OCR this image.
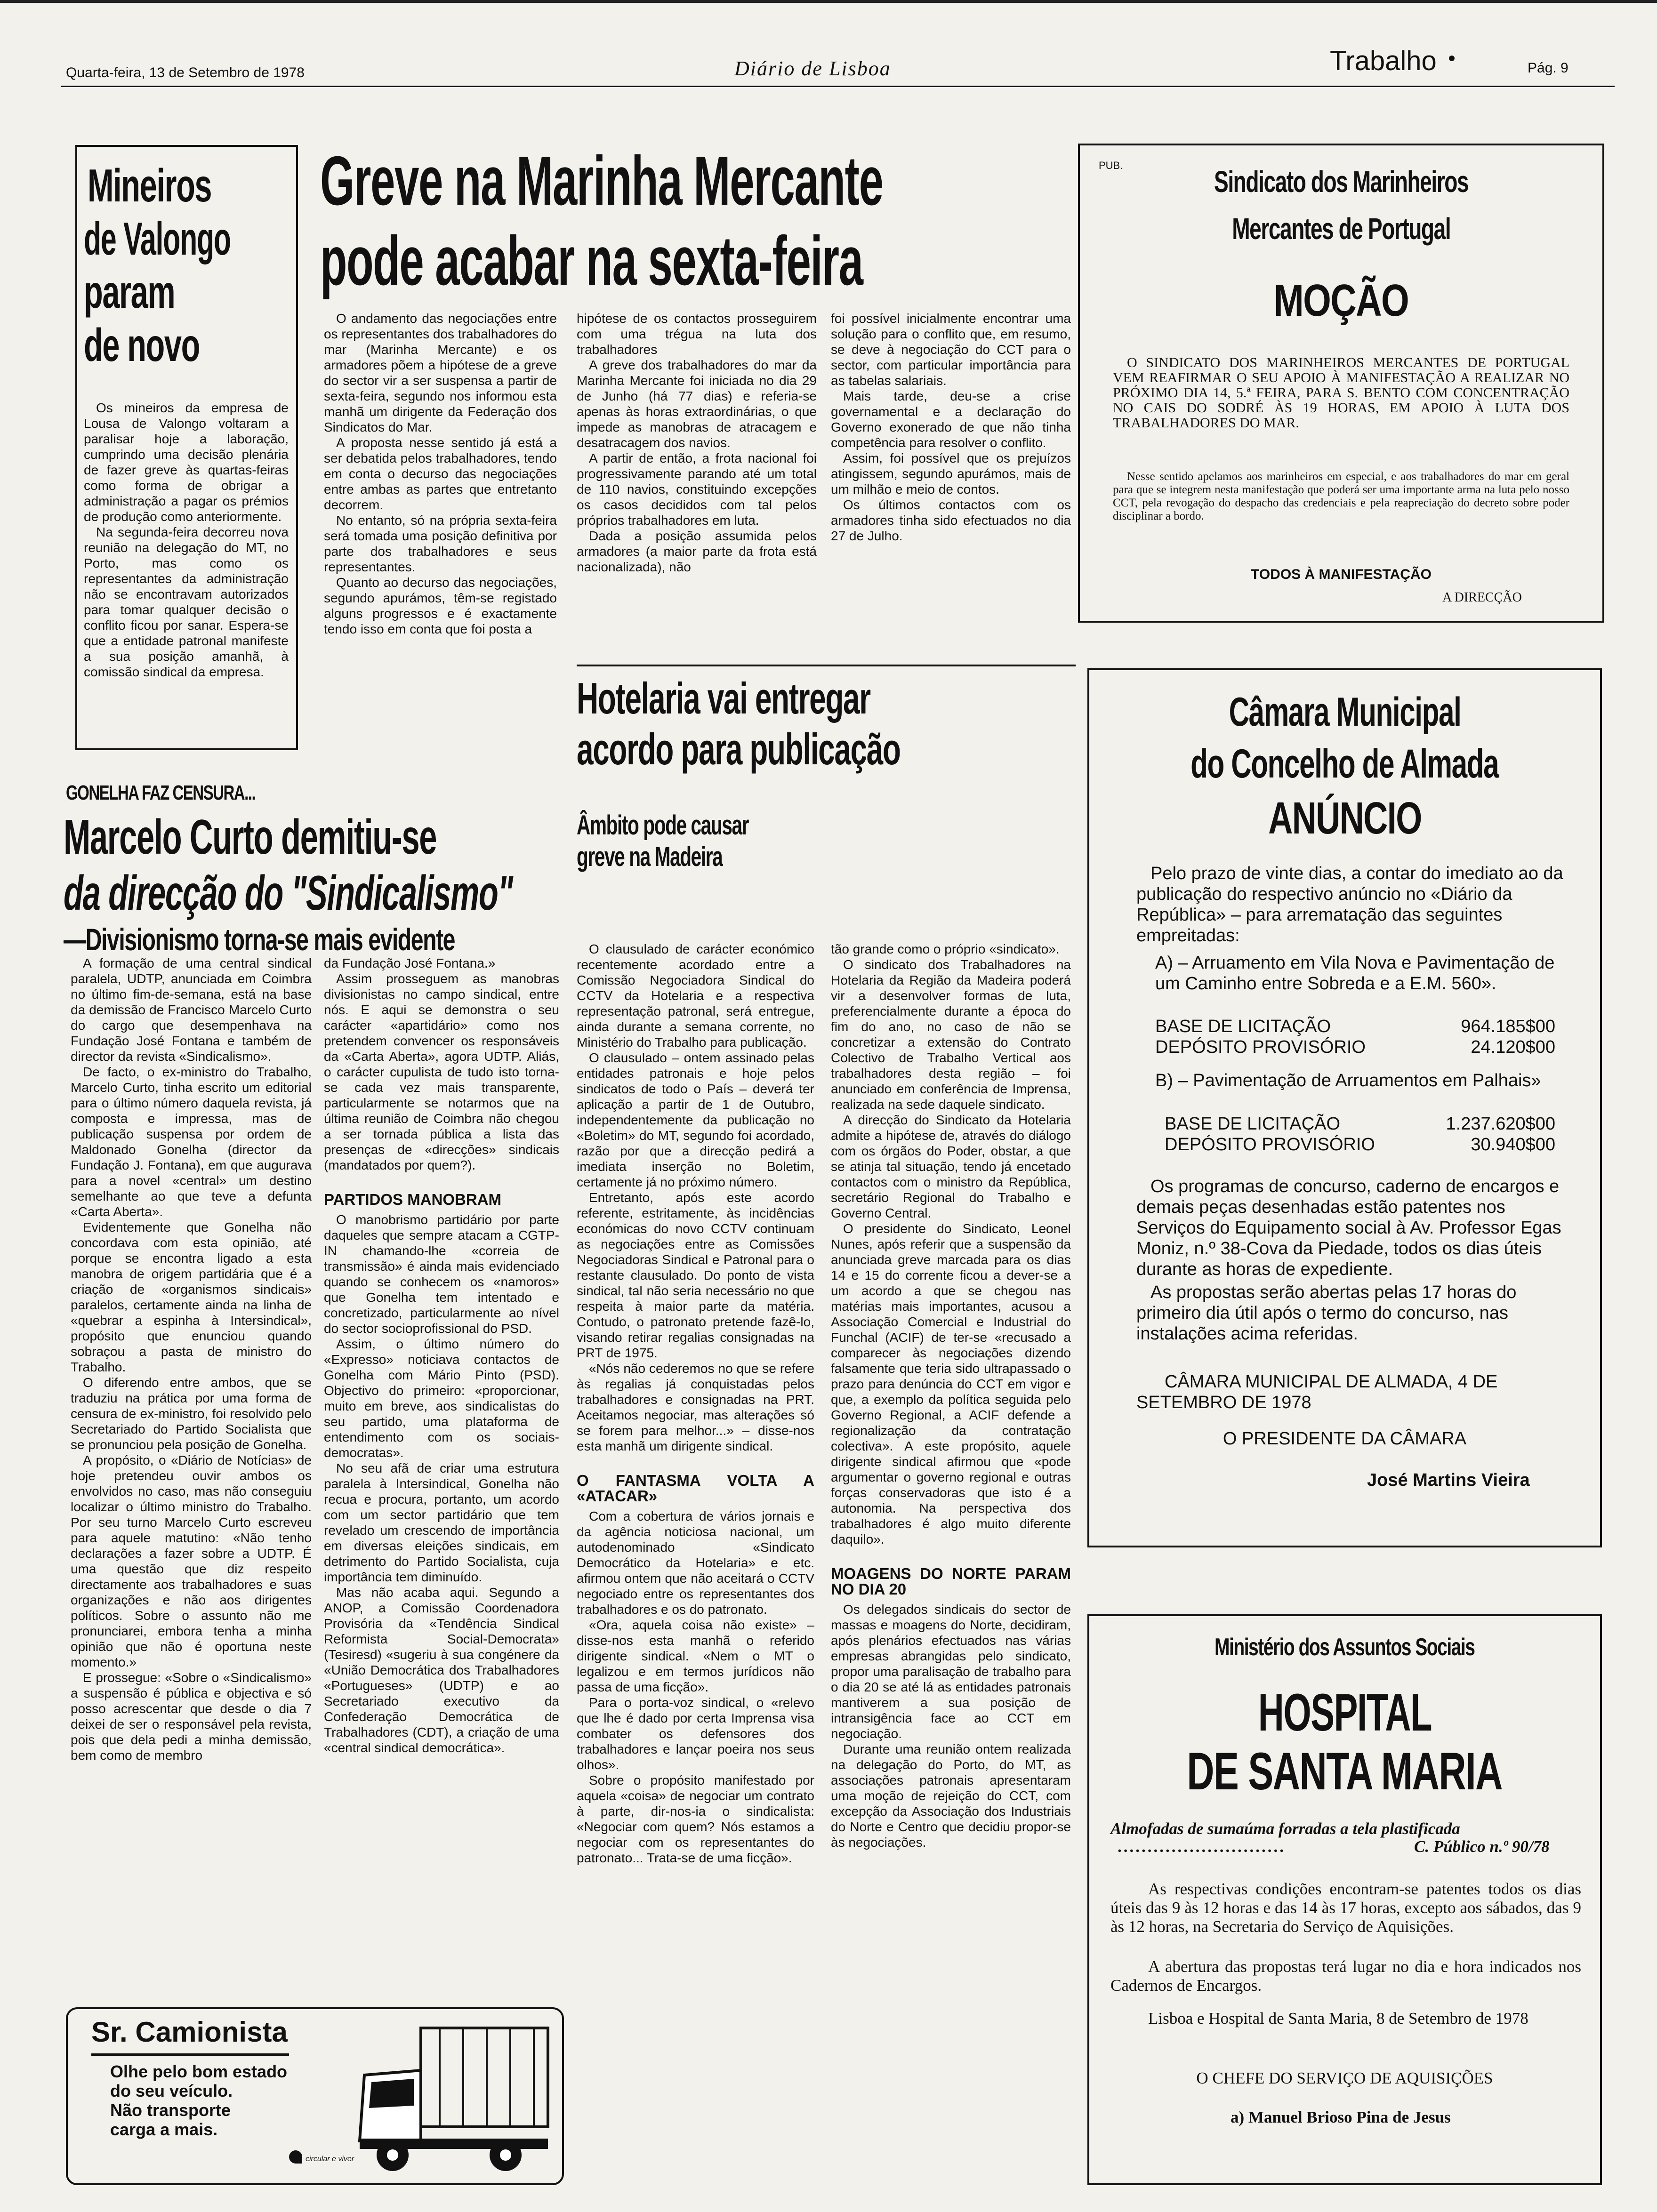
Quarta-feira, 13 de Setembro de 1978	Diário de Lisboa	Trabalho	Pág. 9
Mineiros
de Valongo
param
de novo

Os mineiros da empresa de Lousa de Valongo voltaram a paralisar hoje a laboração, cumprindo uma decisão plenária de fazer greve às quartas-feiras como forma de obrigar a administração a pagar os prémios de produção como anteriormente.

Na segunda-feira decorreu nova reunião na delegação do MT, no Porto, mas como os representantes da administração não se encontravam autorizados para tomar qualquer decisão o conflito ficou por sanar. Espera-se que a entidade patronal manifeste a sua posição amanhã, à comissão sindical da empresa.

Greve na Marinha Mercante
pode acabar na sexta-feira

O andamento das negociações entre os representantes dos trabalhadores do mar (Marinha Mercante) e os armadores põem a hipótese de a greve do sector vir a ser suspensa a partir de sexta-feira, segundo nos informou esta manhã um dirigente da Federação dos Sindicatos do Mar.

A proposta nesse sentido já está a ser debatida pelos trabalhadores, tendo em conta o decurso das negociações entre ambas as partes que entretanto decorrem.

No entanto, só na própria sexta-feira será tomada uma posição definitiva por parte dos trabalhadores e seus representantes.

Quanto ao decurso das negociações, segundo apurámos, têm-se registado alguns progressos e é exactamente tendo isso em conta que foi posta a

hipótese de os contactos prosseguirem com uma trégua na luta dos trabalhadores

A greve dos trabalhadores do mar da Marinha Mercante foi iniciada no dia 29 de Junho (há 77 dias) e referia-se apenas às horas extraordinárias, o que impede as manobras de atracagem e desatracagem dos navios.

A partir de então, a frota nacional foi progressivamente parando até um total de 110 navios, constituindo excepções os casos decididos com tal pelos próprios trabalhadores em luta.

Dada a posição assumida pelos armadores (a maior parte da frota está nacionalizada), não

foi possível inicialmente encontrar uma solução para o conflito que, em resumo, se deve à negociação do CCT para o sector, com particular importância para as tabelas salariais.

Mais tarde, deu-se a crise governamental e a declaração do Governo exonerado de que não tinha competência para resolver o conflito.

Assim, foi possível que os prejuízos atingissem, segundo apurámos, mais de um milhão e meio de contos.

Os últimos contactos com os armadores tinha sido efectuados no dia 27 de Julho.

PUB.	Sindicato dos Marinheiros
Mercantes de Portugal
MOÇÃO
O SINDICATO DOS MARINHEIROS MERCANTES DE PORTUGAL VEM REAFIRMAR O SEU APOIO À MANIFESTAÇÃO A REALIZAR NO PRÓXIMO DIA 14, 5.ª FEIRA, PARA S. BENTO COM CONCENTRAÇÃO NO CAIS DO SODRÉ ÀS 19 HORAS, EM APOIO À LUTA DOS TRABALHADORES DO MAR.
Nesse sentido apelamos aos marinheiros em especial, e aos trabalhadores do mar em geral para que se integrem nesta manifestação que poderá ser uma importante arma na luta pelo nosso CCT, pela revogação do despacho das credenciais e pela reapreciação do decreto sobre poder disciplinar a bordo.
TODOS À MANIFESTAÇÃO
A DIRECÇÃO
Câmara Municipal
do Concelho de Almada
ANÚNCIO
Pelo prazo de vinte dias, a contar do imediato ao da publicação do respectivo anúncio no «Diário da República» – para arrematação das seguintes empreitadas:
A) – Arruamento em Vila Nova e Pavimentação de um Caminho entre Sobreda e a E.M. 560».
BASE DE LICITAÇÃO	964.185$00
DEPÓSITO PROVISÓRIO	24.120$00
B) – Pavimentação de Arruamentos em Palhais»
BASE DE LICITAÇÃO	1.237.620$00
DEPÓSITO PROVISÓRIO	30.940$00
Os programas de concurso, caderno de encargos e demais peças desenhadas estão patentes nos Serviços do Equipamento social à Av. Professor Egas Moniz, n.º 38-Cova da Piedade, todos os dias úteis durante as horas de expediente.
As propostas serão abertas pelas 17 horas do primeiro dia útil após o termo do concurso, nas instalações acima referidas.
CÂMARA MUNICIPAL DE ALMADA, 4 DE SETEMBRO DE 1978
O PRESIDENTE DA CÂMARA
José Martins Vieira
Ministério dos Assuntos Sociais
HOSPITAL
DE SANTA MARIA
Almofadas de sumaúma forradas a tela plastificada
............................	C. Público n.º 90/78
As respectivas condições encontram-se patentes todos os dias úteis das 9 às 12 horas e das 14 às 17 horas, excepto aos sábados, das 9 às 12 horas, na Secretaria do Serviço de Aquisições.
A abertura das propostas terá lugar no dia e hora indicados nos Cadernos de Encargos.
Lisboa e Hospital de Santa Maria, 8 de Setembro de 1978
O CHEFE DO SERVIÇO DE AQUISIÇÕES
a) Manuel Brioso Pina de Jesus
GONELHA FAZ CENSURA...
Marcelo Curto demitiu-se
da direcção do "Sindicalismo"
—Divisionismo torna-se mais evidente

A formação de uma central sindical paralela, UDTP, anunciada em Coimbra no último fim-de-semana, está na base da demissão de Francisco Marcelo Curto do cargo que desempenhava na Fundação José Fontana e também de director da revista «Sindicalismo».

De facto, o ex-ministro do Trabalho, Marcelo Curto, tinha escrito um editorial para o último número daquela revista, já composta e impressa, mas de publicação suspensa por ordem de Maldonado Gonelha (director da Fundação J. Fontana), em que augurava para a novel «central» um destino semelhante ao que teve a defunta «Carta Aberta».

Evidentemente que Gonelha não concordava com esta opinião, até porque se encontra ligado a esta manobra de origem partidária que é a criação de «organismos sindicais» paralelos, certamente ainda na linha de «quebrar a espinha à Intersindical», propósito que enunciou quando sobraçou a pasta de ministro do Trabalho.

O diferendo entre ambos, que se traduziu na prática por uma forma de censura de ex-ministro, foi resolvido pelo Secretariado do Partido Socialista que se pronunciou pela posição de Gonelha.

A propósito, o «Diário de Notícias» de hoje pretendeu ouvir ambos os envolvidos no caso, mas não conseguiu localizar o último ministro do Trabalho. Por seu turno Marcelo Curto escreveu para aquele matutino: «Não tenho declarações a fazer sobre a UDTP. É uma questão que diz respeito directamente aos trabalhadores e suas organizações e não aos dirigentes políticos. Sobre o assunto não me pronunciarei, embora tenha a minha opinião que não é oportuna neste momento.»

E prossegue: «Sobre o «Sindicalismo» a suspensão é pública e objectiva e só posso acrescentar que desde o dia 7 deixei de ser o responsável pela revista, pois que dela pedi a minha demissão, bem como de membro

da Fundação José Fontana.»

Assim prosseguem as manobras divisionistas no campo sindical, entre nós. E aqui se demonstra o seu carácter «apartidário» como nos pretendem convencer os responsáveis da «Carta Aberta», agora UDTP. Aliás, o carácter cupulista de tudo isto torna-se cada vez mais transparente, particularmente se notarmos que na última reunião de Coimbra não chegou a ser tornada pública a lista das presenças de «direcções» sindicais (mandatados por quem?).

PARTIDOS MANOBRAM

O manobrismo partidário por parte daqueles que sempre atacam a CGTP-IN chamando-lhe «correia de transmissão» é ainda mais evidenciado quando se conhecem os «namoros» que Gonelha tem intentado e concretizado, particularmente ao nível do sector socioprofissional do PSD.

Assim, o último número do «Expresso» noticiava contactos de Gonelha com Mário Pinto (PSD). Objectivo do primeiro: «proporcionar, muito em breve, aos sindicalistas do seu partido, uma plataforma de entendimento com os sociais-democratas».

No seu afã de criar uma estrutura paralela à Intersindical, Gonelha não recua e procura, portanto, um acordo com um sector partidário que tem revelado um crescendo de importância em diversas eleições sindicais, em detrimento do Partido Socialista, cuja importância tem diminuído.

Mas não acaba aqui. Segundo a ANOP, a Comissão Coordenadora Provisória da «Tendência Sindical Reformista Social-Democrata» (Tesiresd) «sugeriu à sua congénere da «União Democrática dos Trabalhadores «Portugueses» (UDTP) e ao Secretariado executivo da Confederação Democrática de Trabalhadores (CDT), a criação de uma «central sindical democrática».

Sr. Camionista
Olhe pelo bom estado
do seu veículo.
Não transporte
carga a mais.
circular e viver
Hotelaria vai entregar
acordo para publicação
Âmbito pode causar
greve na Madeira

O clausulado de carácter económico recentemente acordado entre a Comissão Negociadora Sindical do CCTV da Hotelaria e a respectiva representação patronal, será entregue, ainda durante a semana corrente, no Ministério do Trabalho para publicação.

O clausulado – ontem assinado pelas entidades patronais e hoje pelos sindicatos de todo o País – deverá ter aplicação a partir de 1 de Outubro, independentemente da publicação no «Boletim» do MT, segundo foi acordado, razão por que a direcção pedirá a imediata inserção no Boletim, certamente já no próximo número.

Entretanto, após este acordo referente, estritamente, às incidências económicas do novo CCTV continuam as negociações entre as Comissões Negociadoras Sindical e Patronal para o restante clausulado. Do ponto de vista sindical, tal não seria necessário no que respeita à maior parte da matéria. Contudo, o patronato pretende fazê-lo, visando retirar regalias consignadas na PRT de 1975.

«Nós não cederemos no que se refere às regalias já conquistadas pelos trabalhadores e consignadas na PRT. Aceitamos negociar, mas alterações só se forem para melhor...» – disse-nos esta manhã um dirigente sindical.

O FANTASMA VOLTA A «ATACAR»

Com a cobertura de vários jornais e da agência noticiosa nacional, um autodenominado «Sindicato Democrático da Hotelaria» e etc. afirmou ontem que não aceitará o CCTV negociado entre os representantes dos trabalhadores e os do patronato.

«Ora, aquela coisa não existe» – disse-nos esta manhã o referido dirigente sindical. «Nem o MT o legalizou e em termos jurídicos não passa de uma ficção».

Para o porta-voz sindical, o «relevo que lhe é dado por certa Imprensa visa combater os defensores dos trabalhadores e lançar poeira nos seus olhos».

Sobre o propósito manifestado por aquela «coisa» de negociar um contrato à parte, dir-nos-ia o sindicalista: «Negociar com quem? Nós estamos a negociar com os representantes do patronato... Trata-se de uma ficção».

tão grande como o próprio «sindicato».

O sindicato dos Trabalhadores na Hotelaria da Região da Madeira poderá vir a desenvolver formas de luta, preferencialmente durante a época do fim do ano, no caso de não se concretizar a extensão do Contrato Colectivo de Trabalho Vertical aos trabalhadores desta região – foi anunciado em conferência de Imprensa, realizada na sede daquele sindicato.

A direcção do Sindicato da Hotelaria admite a hipótese de, através do diálogo com os órgãos do Poder, obstar, a que se atinja tal situação, tendo já encetado contactos com o ministro da República, secretário Regional do Trabalho e Governo Central.

O presidente do Sindicato, Leonel Nunes, após referir que a suspensão da anunciada greve marcada para os dias 14 e 15 do corrente ficou a dever-se a um acordo a que se chegou nas matérias mais importantes, acusou a Associação Comercial e Industrial do Funchal (ACIF) de ter-se «recusado a comparecer às negociações dizendo falsamente que teria sido ultrapassado o prazo para denúncia do CCT em vigor e que, a exemplo da política seguida pelo Governo Regional, a ACIF defende a regionalização da contratação colectiva». A este propósito, aquele dirigente sindical afirmou que «pode argumentar o governo regional e outras forças conservadoras que isto é a autonomia. Na perspectiva dos trabalhadores é algo muito diferente daquilo».

MOAGENS DO NORTE PARAM NO DIA 20

Os delegados sindicais do sector de massas e moagens do Norte, decidiram, após plenários efectuados nas várias empresas abrangidas pelo sindicato, propor uma paralisação de trabalho para o dia 20 se até lá as entidades patronais mantiverem a sua posição de intransigência face ao CCT em negociação.

Durante uma reunião ontem realizada na delegação do Porto, do MT, as associações patronais apresentaram uma moção de rejeição do CCT, com excepção da Associação dos Industriais do Norte e Centro que decidiu propor-se às negociações.
